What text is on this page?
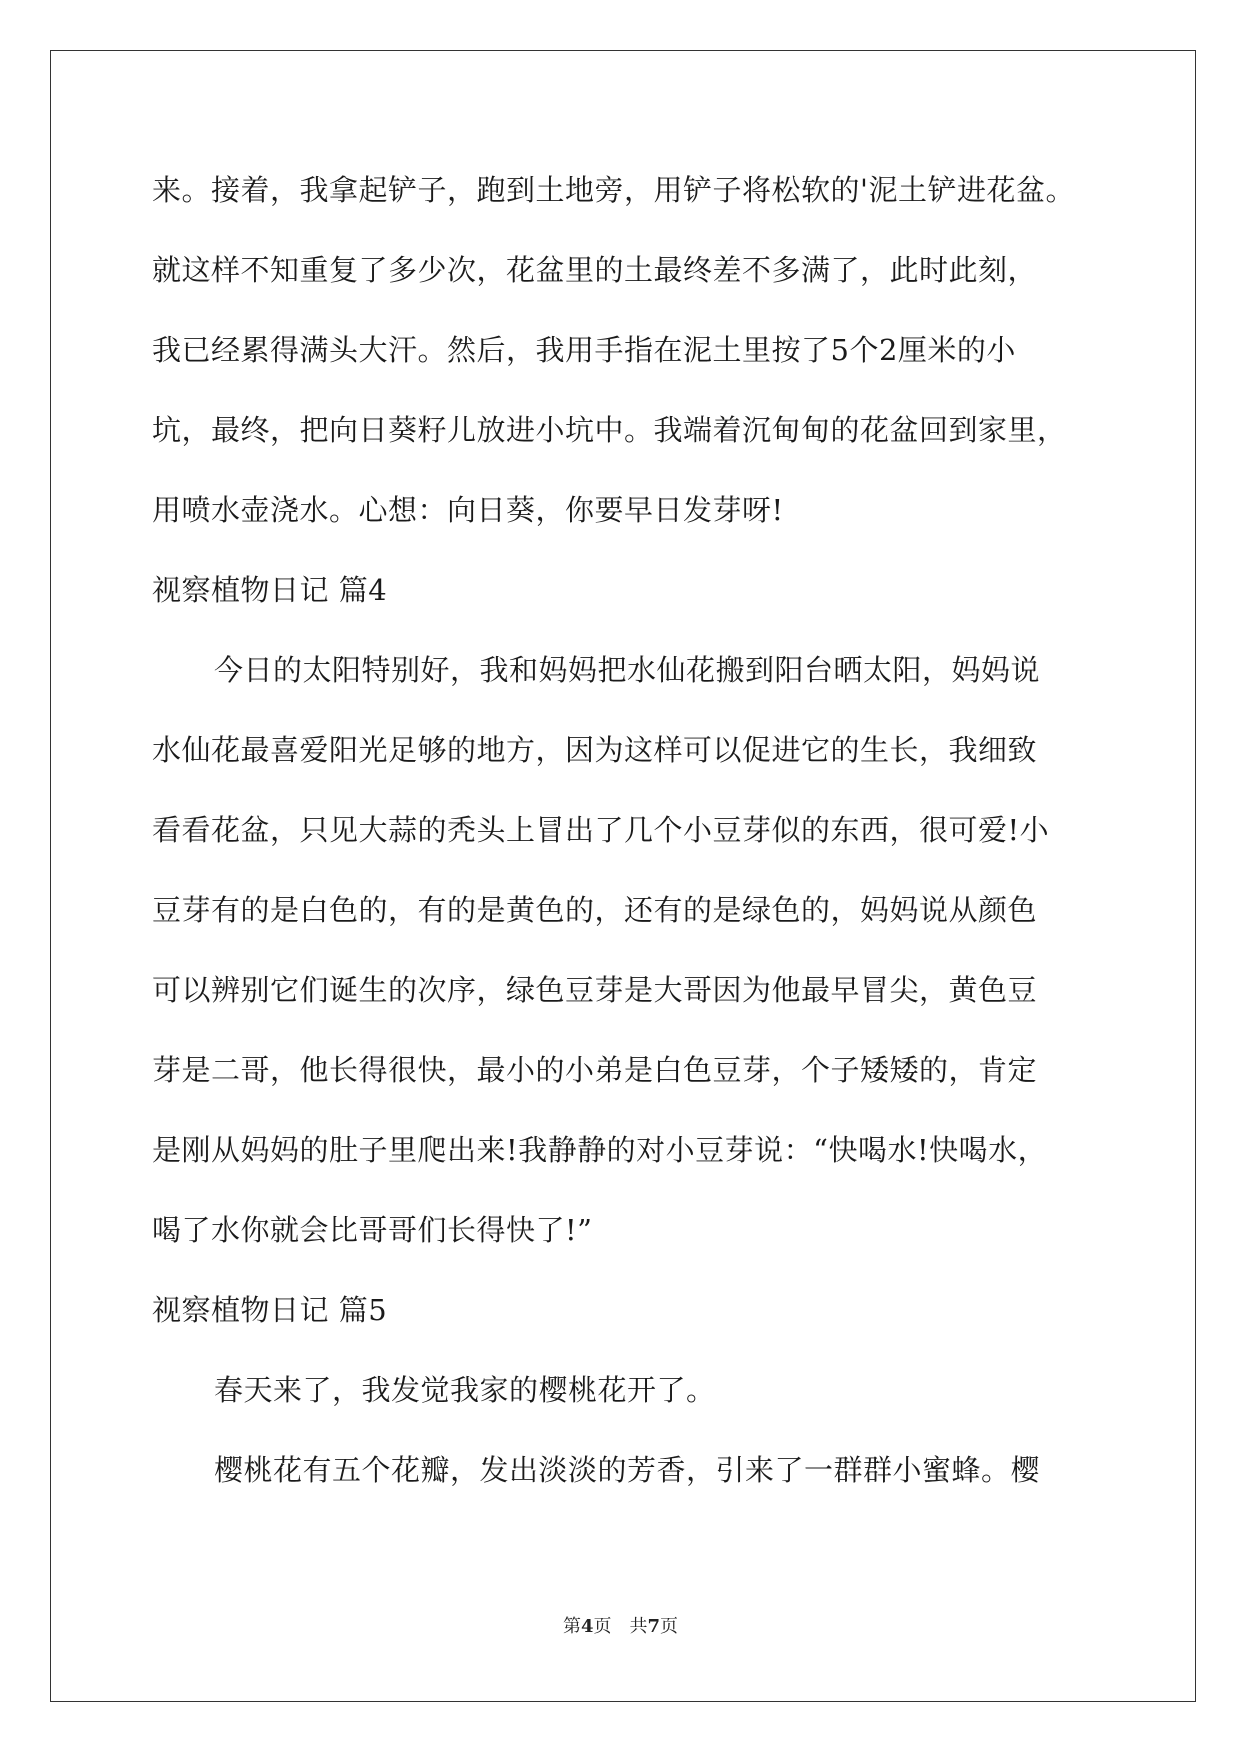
来。接着，我拿起铲子，跑到土地旁，用铲子将松软的'泥土铲进花盆。
就这样不知重复了多少次，花盆里的土最终差不多满了，此时此刻，
我已经累得满头大汗。然后，我用手指在泥土里按了5个2厘米的小
坑，最终，把向日葵籽儿放进小坑中。我端着沉甸甸的花盆回到家里，
用喷水壶浇水。心想：向日葵，你要早日发芽呀!
视察植物日记 篇4
今日的太阳特别好，我和妈妈把水仙花搬到阳台晒太阳，妈妈说
水仙花最喜爱阳光足够的地方，因为这样可以促进它的生长，我细致
看看花盆，只见大蒜的秃头上冒出了几个小豆芽似的东西，很可爱!小
豆芽有的是白色的，有的是黄色的，还有的是绿色的，妈妈说从颜色
可以辨别它们诞生的次序，绿色豆芽是大哥因为他最早冒尖，黄色豆
芽是二哥，他长得很快，最小的小弟是白色豆芽，个子矮矮的，肯定
是刚从妈妈的肚子里爬出来!我静静的对小豆芽说：“快喝水!快喝水，
喝了水你就会比哥哥们长得快了!”
视察植物日记 篇5
春天来了，我发觉我家的樱桃花开了。
樱桃花有五个花瓣，发出淡淡的芳香，引来了一群群小蜜蜂。樱
第4页　共7页
